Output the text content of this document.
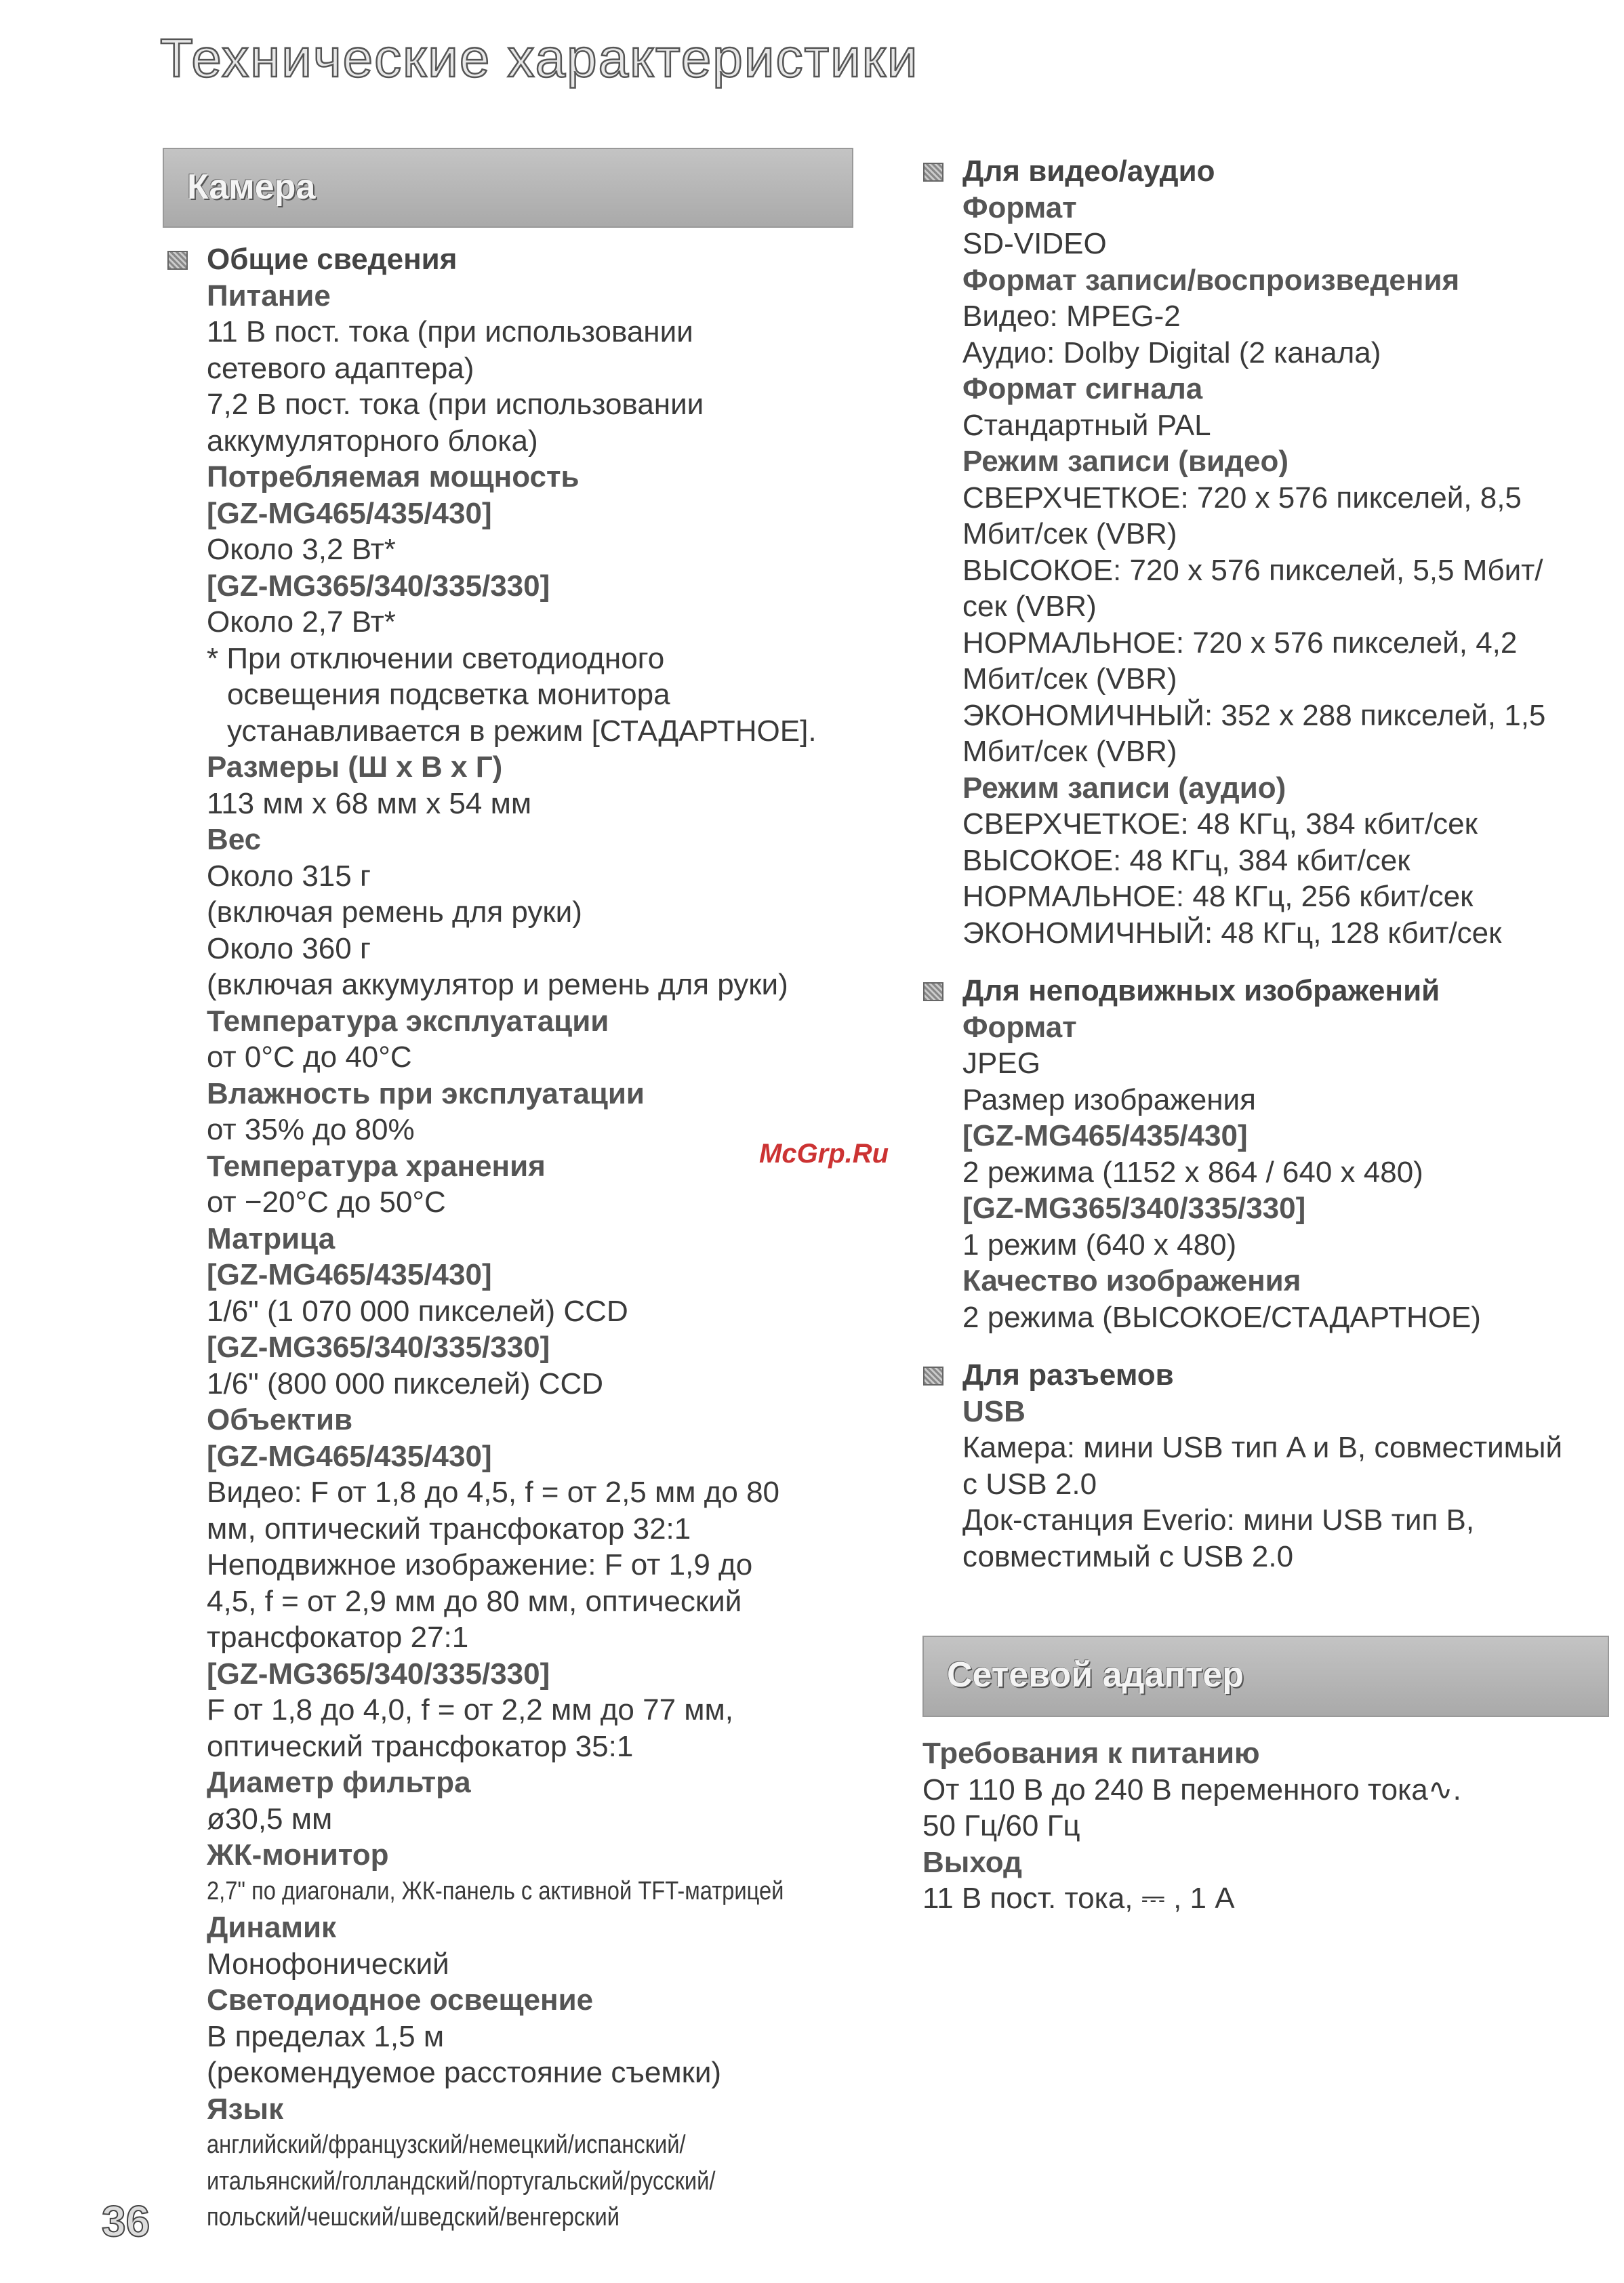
Технические характеристики
Камера
Общие сведения
Питание
11 В пост. тока (при использовании
сетевого адаптера)
7,2 В пост. тока (при использовании
аккумуляторного блока)
Потребляемая мощность
[GZ-MG465/435/430]
Около 3,2 Вт*
[GZ-MG365/340/335/330]
Около 2,7 Вт*
* При отключении светодиодного
освещения подсветка монитора
устанавливается в режим [СТАДАРТНОЕ].
Размеры (Ш x В x Г)
113 мм x 68 мм x 54 мм
Вес
Около 315 г
(включая ремень для руки)
Около 360 г
(включая аккумулятор и ремень для руки)
Температура эксплуатации
от 0°C до 40°C
Влажность при эксплуатации
от 35% до 80%
Температура хранения
от −20°C до 50°C
Матрица
[GZ-MG465/435/430]
1/6" (1 070 000 пикселей) CCD
[GZ-MG365/340/335/330]
1/6" (800 000 пикселей) CCD
Объектив
[GZ-MG465/435/430]
Видео: F от 1,8 до 4,5, f = от 2,5 мм до 80
мм, оптический трансфокатор 32:1
Неподвижное изображение: F от 1,9 до
4,5, f = от 2,9 мм до 80 мм, оптический
трансфокатор 27:1
[GZ-MG365/340/335/330]
F от 1,8 до 4,0, f = от 2,2 мм до 77 мм,
оптический трансфокатор 35:1
Диаметр фильтра
ø30,5 мм
ЖК-монитор
2,7" по диагонали, ЖК-панель с активной TFT-матрицей
Динамик
Монофонический
Светодиодное освещение
В пределах 1,5 м
(рекомендуемое расстояние съемки)
Язык
английский/французский/немецкий/испанский/
итальянский/голландский/португальский/русский/
польский/чешский/шведский/венгерский
Для видео/аудио
Формат
SD-VIDEO
Формат записи/воспроизведения
Видео: MPEG-2
Аудио: Dolby Digital (2 канала)
Формат сигнала
Стандартный PAL
Режим записи (видео)
СВЕРХЧЕТКОЕ: 720 x 576 пикселей, 8,5
Мбит/сек (VBR)
ВЫСОКОЕ: 720 x 576 пикселей, 5,5 Мбит/
сек (VBR)
НОРМАЛЬНОЕ: 720 x 576 пикселей, 4,2
Мбит/сек (VBR)
ЭКОНОМИЧНЫЙ: 352 x 288 пикселей, 1,5
Мбит/сек (VBR)
Режим записи (аудио)
СВЕРХЧЕТКОЕ: 48 КГц, 384 кбит/сек
ВЫСОКОЕ: 48 КГц, 384 кбит/сек
НОРМАЛЬНОЕ: 48 КГц, 256 кбит/сек
ЭКОНОМИЧНЫЙ: 48 КГц, 128 кбит/сек
Для неподвижных изображений
Формат
JPEG
Размер изображения
[GZ-MG465/435/430]
2 режима (1152 x 864 / 640 x 480)
[GZ-MG365/340/335/330]
1 режим (640 x 480)
Качество изображения
2 режима (ВЫСОКОЕ/СТАДАРТНОЕ)
Для разъемов
USB
Камера: мини USB тип A и B, совместимый
c USB 2.0
Док-станция Everio: мини USB тип B,
совместимый с USB 2.0
Сетевой адаптер
Требования к питанию
От 110 В до 240 В переменного тока∿.
50 Гц/60 Гц
Выход
11 В пост. тока, ⎓ , 1 A
McGrp.Ru
36
